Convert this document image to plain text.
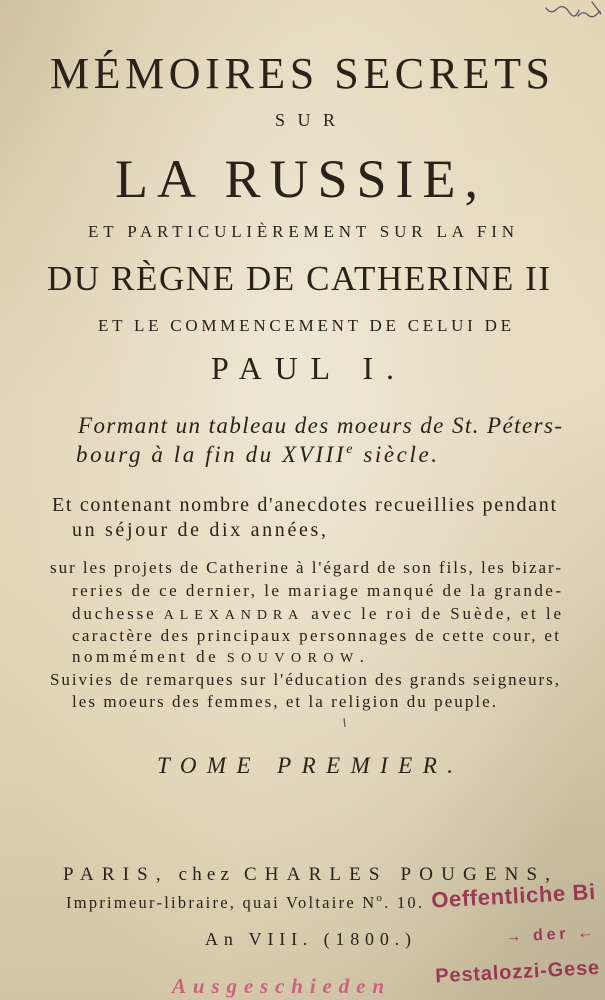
MÉMOIRES SECRETS
SUR
LA RUSSIE,
ET PARTICULIÈREMENT SUR LA FIN
DU RÈGNE DE CATHERINE II
ET LE COMMENCEMENT DE CELUI DE
PAUL I.
Formant un tableau des moeurs de St. Péters-
bourg à la fin du XVIII $^e$ siècle.
Et contenant nombre d'anecdotes recueillies pendant
un séjour de dix années,
sur les projets de Catherine à l'égard de son fils, les bizar-
reries de ce dernier, le mariage manqué de la grande-
duchesse ALEXANDRA avec le roi de Suède, et le
caractère des principaux personnages de cette cour, et
nommément de SOUVOROW .
Suivies de remarques sur l'éducation des grands seigneurs,
les moeurs des femmes, et la religion du peuple.
TOME PREMIER.
PARIS, chez CHARLES POUGENS,
Imprimeur-libraire, quai Voltaire N $^o$ . 10.
An VIII. (1800.)
Oeffentliche Bi
→ der ←
Pestalozzi-Gese
Ausgeschieden
